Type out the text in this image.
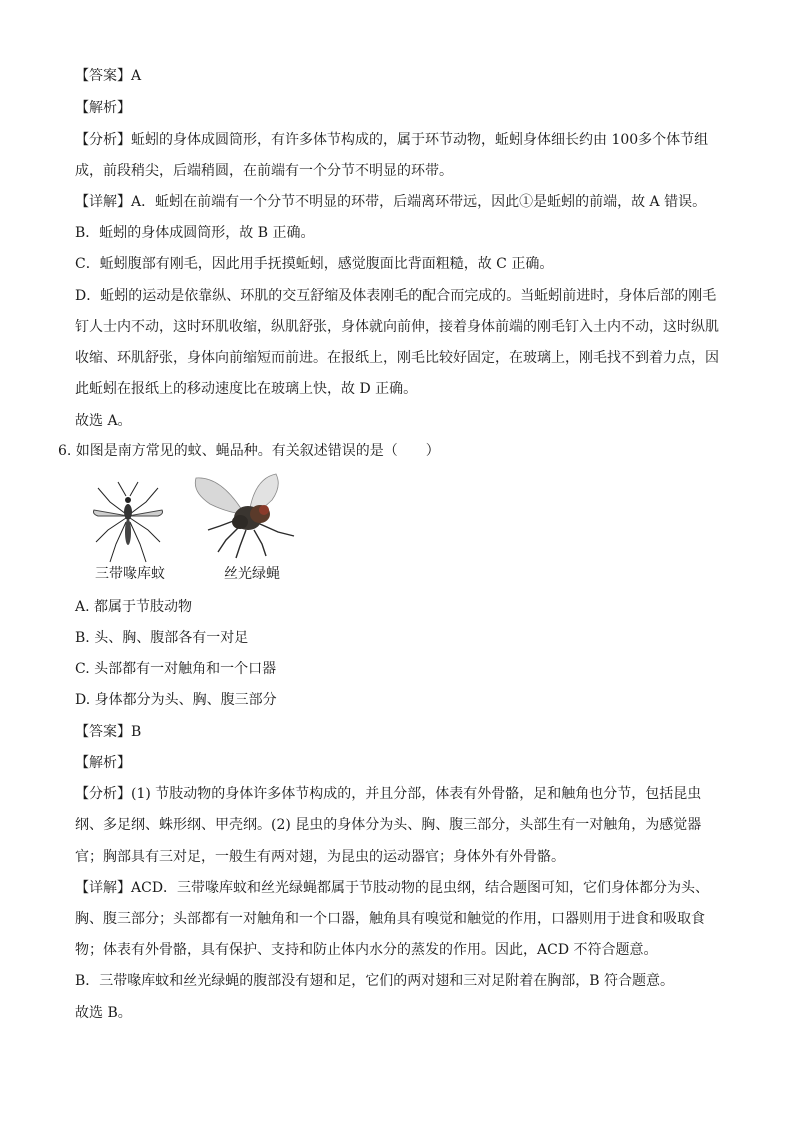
【答案】A
【解析】
【分析】蚯蚓的身体成圆筒形，有许多体节构成的，属于环节动物，蚯蚓身体细长约由 100多个体节组
成，前段稍尖，后端稍圆，在前端有一个分节不明显的环带。
【详解】A．蚯蚓在前端有一个分节不明显的环带，后端离环带远，因此①是蚯蚓的前端，故 A 错误。
B．蚯蚓的身体成圆筒形，故 B 正确。
C．蚯蚓腹部有刚毛，因此用手抚摸蚯蚓，感觉腹面比背面粗糙，故 C 正确。
D．蚯蚓的运动是依靠纵、环肌的交互舒缩及体表刚毛的配合而完成的。当蚯蚓前进时，身体后部的刚毛
钉人士内不动，这时环肌收缩，纵肌舒张，身体就向前伸，接着身体前端的刚毛钉入土内不动，这时纵肌
收缩、环肌舒张，身体向前缩短而前进。在报纸上，刚毛比较好固定，在玻璃上，刚毛找不到着力点，因
此蚯蚓在报纸上的移动速度比在玻璃上快，故 D 正确。
故选 A。
6. 如图是南方常见的蚊、蝇品种。有关叙述错误的是（　　）
三带喙库蚊	丝光绿蝇
A. 都属于节肢动物
B. 头、胸、腹部各有一对足
C. 头部都有一对触角和一个口器
D. 身体都分为头、胸、腹三部分
【答案】B
【解析】
【分析】(1) 节肢动物的身体许多体节构成的，并且分部，体表有外骨骼，足和触角也分节，包括昆虫
纲、多足纲、蛛形纲、甲壳纲。(2) 昆虫的身体分为头、胸、腹三部分，头部生有一对触角，为感觉器
官；胸部具有三对足，一般生有两对翅，为昆虫的运动器官；身体外有外骨骼。
【详解】ACD．三带喙库蚊和丝光绿蝇都属于节肢动物的昆虫纲，结合题图可知，它们身体都分为头、
胸、腹三部分；头部都有一对触角和一个口器，触角具有嗅觉和触觉的作用，口器则用于进食和吸取食
物；体表有外骨骼，具有保护、支持和防止体内水分的蒸发的作用。因此，ACD 不符合题意。
B．三带喙库蚊和丝光绿蝇的腹部没有翅和足，它们的两对翅和三对足附着在胸部，B 符合题意。
故选 B。
